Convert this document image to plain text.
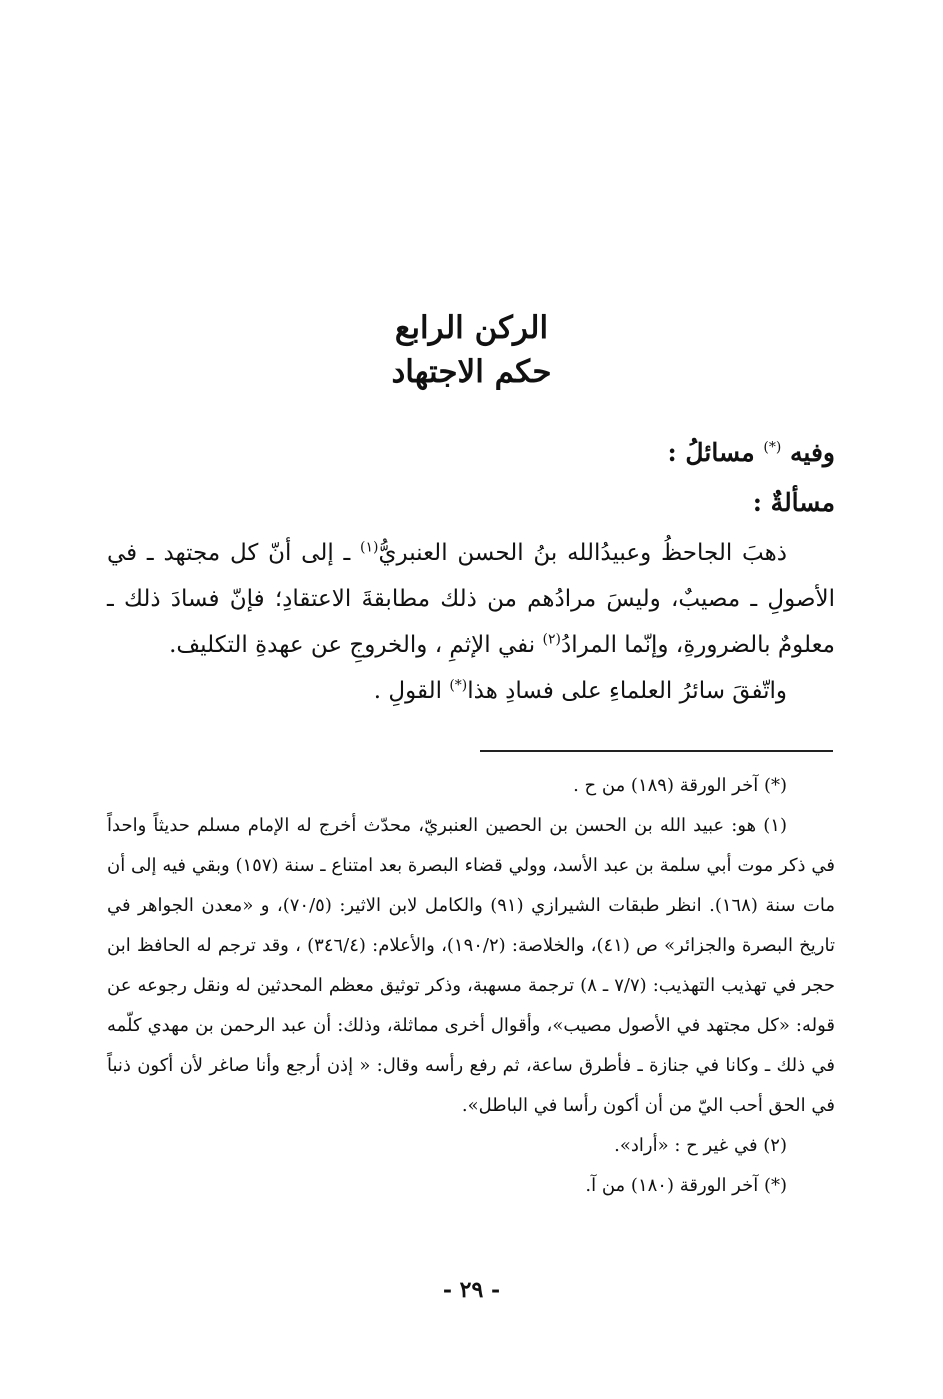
الركن الرابع
حكم الاجتهاد
وفيه (*) مسائلُ :
مسألةٌ :

ذهبَ الجاحظُ وعبيدُالله بنُ الحسن العنبريُّ$^{(١)}$ ـ إلى أنّ كل مجتهد ـ في الأصولِ ـ مصيبٌ، وليسَ مرادُهم من ذلك مطابقةَ الاعتقادِ؛ فإنّ فسادَ ذلك ـ معلومٌ بالضرورةِ، وإنّما المرادُ$^{(٢)}$ نفي الإثمِ ، والخروجِ عن عهدةِ التكليف.

واتّفقَ سائرُ العلماءِ على فسادِ هذا(*) القولِ .

(*) آخر الورقة (١٨٩) من ح .

(١) هو: عبيد الله بن الحسن بن الحصين العنبريّ، محدّث أخرج له الإمام مسلم حديثاً واحداً في ذكر موت أبي سلمة بن عبد الأسد، وولي قضاء البصرة بعد امتناع ـ سنة (١٥٧) وبقي فيه إلى أن مات سنة (١٦٨). انظر طبقات الشيرازي (٩١) والكامل لابن الاثير: (٧٠/٥)، و «معدن الجواهر في تاريخ البصرة والجزائر» ص (٤١)، والخلاصة: (١٩٠/٢)، والأعلام: (٣٤٦/٤) ، وقد ترجم له الحافظ ابن حجر في تهذيب التهذيب: (٧/٧ ـ ٨) ترجمة مسهبة، وذكر توثيق معظم المحدثين له ونقل رجوعه عن قوله: «كل مجتهد في الأصول مصيب»، وأقوال أخرى مماثلة، وذلك: أن عبد الرحمن بن مهدي كلّمه في ذلك ـ وكانا في جنازة ـ فأطرق ساعة، ثم رفع رأسه وقال: « إذن أرجع وأنا صاغر لأن أكون ذنباً في الحق أحب اليّ من أن أكون رأسا في الباطل».

(٢) في غير ح : «أراد».

(*) آخر الورقة (١٨٠) من آ.

- ٢٩ -
